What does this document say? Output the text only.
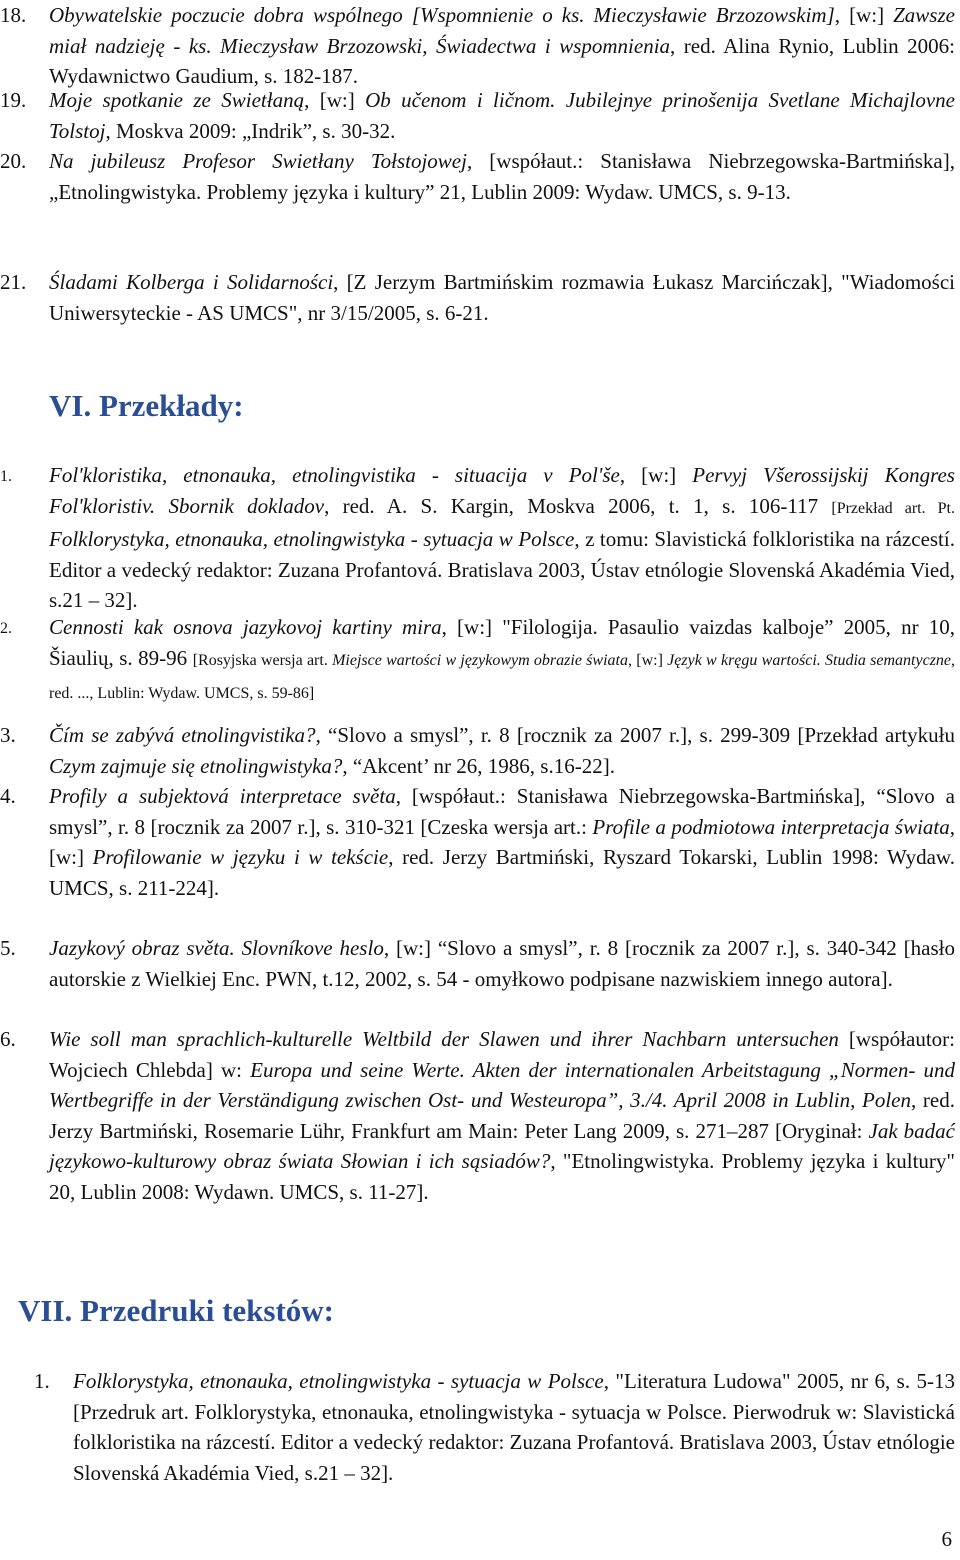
18. Obywatelskie poczucie dobra wspólnego [Wspomnienie o ks. Mieczysławie Brzozowskim], [w:] Zawsze miał nadzieję - ks. Mieczysław Brzozowski, Świadectwa i wspomnienia, red. Alina Rynio, Lublin 2006: Wydawnictwo Gaudium, s. 182-187.
19. Moje spotkanie ze Swietłaną, [w:] Ob učenom i ličnom. Jubilejnye prinošenija Svetlane Michajlovne Tolstoj, Moskva 2009: „Indrik”, s. 30-32.
20. Na jubileusz Profesor Swietłany Tołstojowej, [współaut.: Stanisława Niebrzegowska-Bartmińska], „Etnolingwistyka. Problemy języka i kultury” 21, Lublin 2009: Wydaw. UMCS, s. 9-13.
21. Śladami Kolberga i Solidarności, [Z Jerzym Bartmińskim rozmawia Łukasz Marcińczak], "Wiadomości Uniwersyteckie - AS UMCS", nr 3/15/2005, s. 6-21.
VI. Przekłady:
1. Fol'kloristika, etnonauka, etnolingvistika - situacija v Pol'še, [w:] Pervyj Všerossijskij Kongres Fol'kloristiv. Sbornik dokladov, red. A. S. Kargin, Moskva 2006, t. 1, s. 106-117 [Przekład art. Pt. Folklorystyka, etnonauka, etnolingwistyka - sytuacja w Polsce, z tomu: Slavistická folkloristika na rázcestí. Editor a vedecký redaktor: Zuzana Profantová. Bratislava 2003, Ústav etnólogie Slovenská Akadémia Vied, s.21 – 32].
2. Cennosti kak osnova jazykovoj kartiny mira, [w:] "Filologija. Pasaulio vaizdas kalboje” 2005, nr 10, Šiaulių, s. 89-96 [Rosyjska wersja art. Miejsce wartości w językowym obrazie świata, [w:] Język w kręgu wartości. Studia semantyczne, red. ..., Lublin: Wydaw. UMCS, s. 59-86]
3. Čím se zabývá etnolingvistika?, “Slovo a smysl”, r. 8 [rocznik za 2007 r.], s. 299-309 [Przekład artykułu Czym zajmuje się etnolingwistyka?, “Akcent’ nr 26, 1986, s.16-22].
4. Profily a subjektová interpretace světa, [współaut.: Stanisława Niebrzegowska-Bartmińska], “Slovo a smysl”, r. 8 [rocznik za 2007 r.], s. 310-321 [Czeska wersja art.: Profile a podmiotowa interpretacja świata, [w:] Profilowanie w języku i w tekście, red. Jerzy Bartmiński, Ryszard Tokarski, Lublin 1998: Wydaw. UMCS, s. 211-224].
5. Jazykový obraz světa. Slovníkove heslo, [w:] “Slovo a smysl”, r. 8 [rocznik za 2007 r.], s. 340-342 [hasło autorskie z Wielkiej Enc. PWN, t.12, 2002, s. 54 - omyłkowo podpisane nazwiskiem innego autora].
6. Wie soll man sprachlich-kulturelle Weltbild der Slawen und ihrer Nachbarn untersuchen [współautor: Wojciech Chlebda] w: Europa und seine Werte. Akten der internationalen Arbeitstagung „Normen- und Wertbegriffe in der Verständigung zwischen Ost- und Westeuropa”, 3./4. April 2008 in Lublin, Polen, red. Jerzy Bartmiński, Rosemarie Lühr, Frankfurt am Main: Peter Lang 2009, s. 271–287 [Oryginał: Jak badać językowo-kulturowy obraz świata Słowian i ich sąsiadów?, "Etnolingwistyka. Problemy języka i kultury" 20, Lublin 2008: Wydawn. UMCS, s. 11-27].
VII. Przedruki tekstów:
1. Folklorystyka, etnonauka, etnolingwistyka - sytuacja w Polsce, "Literatura Ludowa" 2005, nr 6, s. 5-13 [Przedruk art. Folklorystyka, etnonauka, etnolingwistyka - sytuacja w Polsce. Pierwodruk w: Slavistická folkloristika na rázcestí. Editor a vedecký redaktor: Zuzana Profantová. Bratislava 2003, Ústav etnólogie Slovenská Akadémia Vied, s.21 – 32].
6
